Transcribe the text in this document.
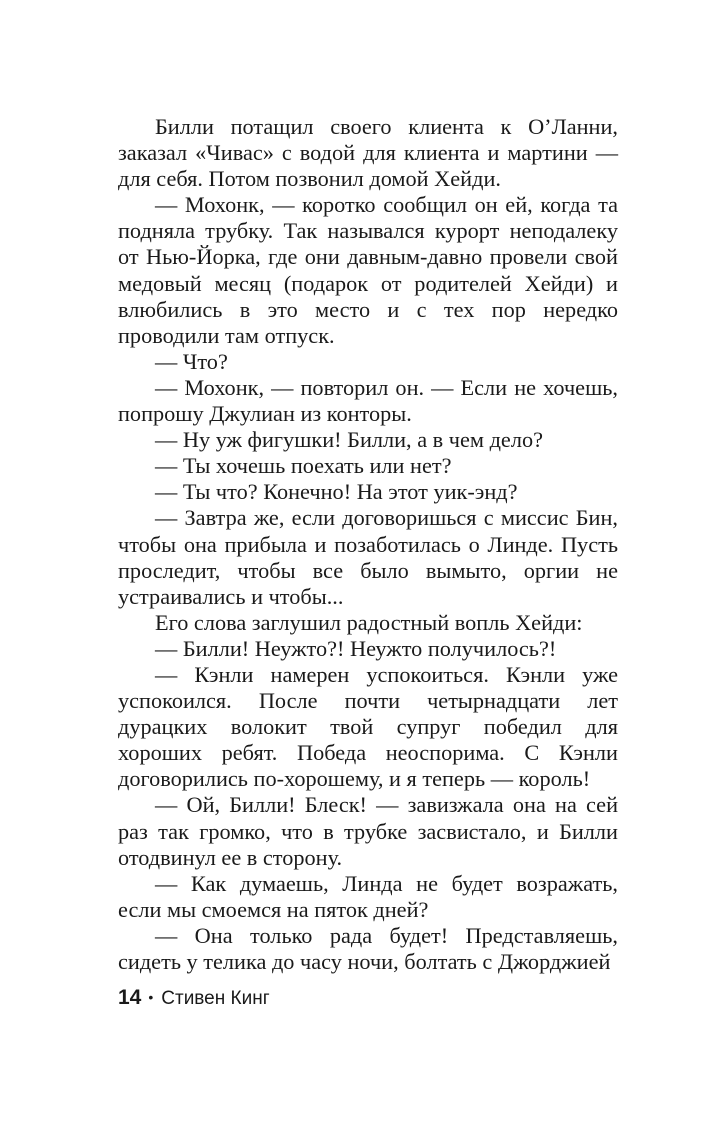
Билли потащил своего клиента к О’Ланни, заказал «Чивас» с водой для клиента и мартини — для себя. Потом позвонил домой Хейди.

— Мохонк, — коротко сообщил он ей, когда та подняла трубку. Так назывался курорт неподалеку от Нью-Йорка, где они давным-давно провели свой медовый месяц (подарок от родителей Хейди) и влюбились в это место и с тех пор нередко проводили там отпуск.

— Что?

— Мохонк, — повторил он. — Если не хочешь, попрошу Джулиан из конторы.

— Ну уж фигушки! Билли, а в чем дело?

— Ты хочешь поехать или нет?

— Ты что? Конечно! На этот уик-энд?

— Завтра же, если договоришься с миссис Бин, чтобы она прибыла и позаботилась о Линде. Пусть проследит, чтобы все было вымыто, оргии не устраивались и чтобы...

Его слова заглушил радостный вопль Хейди:

— Билли! Неужто?! Неужто получилось?!

— Кэнли намерен успокоиться. Кэнли уже успокоился. После почти четырнадцати лет дурацких волокит твой супруг победил для хороших ребят. Победа неоспорима. С Кэнли договорились по-хорошему, и я теперь — король!

— Ой, Билли! Блеск! — завизжала она на сей раз так громко, что в трубке засвистало, и Билли отодвинул ее в сторону.

— Как думаешь, Линда не будет возражать, если мы смоемся на пяток дней?

— Она только рада будет! Представляешь, сидеть у телика до часу ночи, болтать с Джорджией

14 • Стивен Кинг
